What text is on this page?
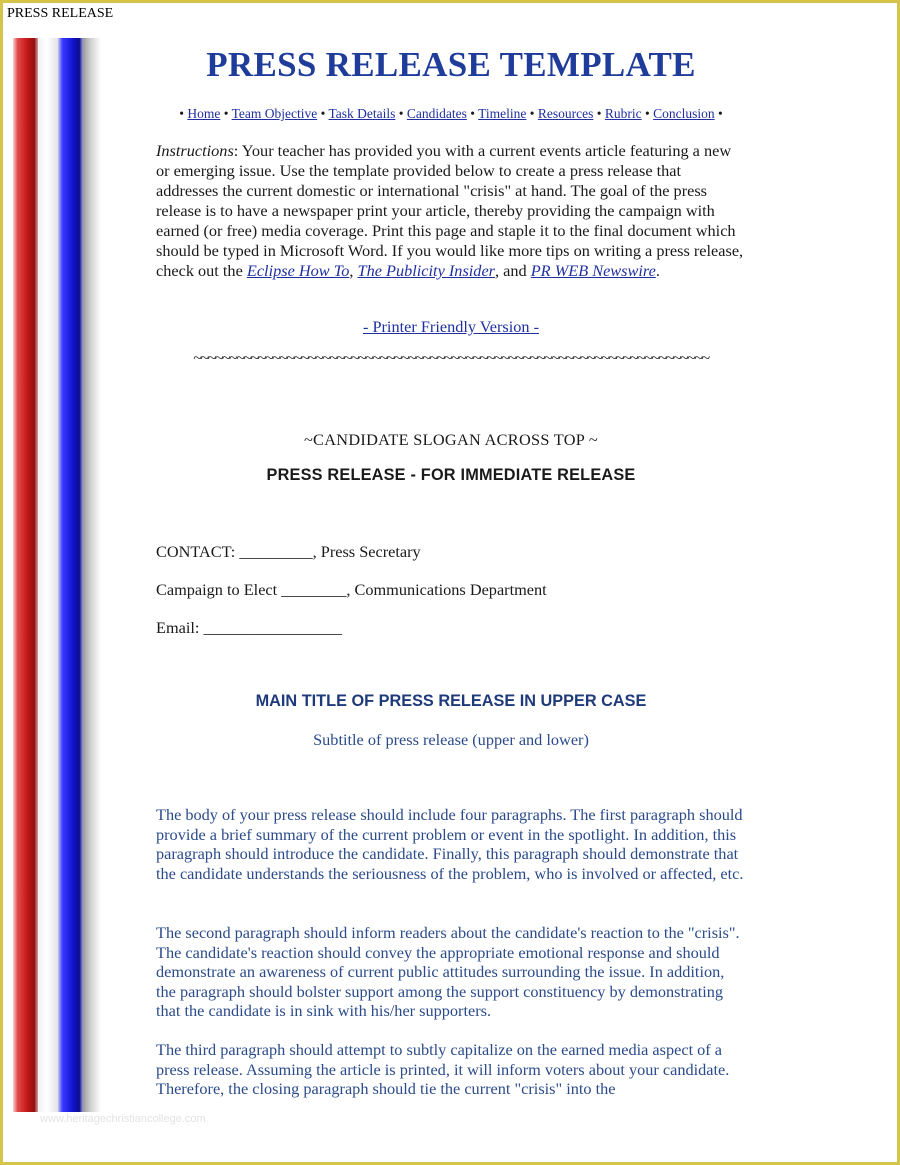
PRESS RELEASE
www.heritagechristiancollege.com
PRESS RELEASE TEMPLATE
• Home • Team Objective • Task Details • Candidates • Timeline • Resources • Rubric • Conclusion •
Instructions: Your teacher has provided you with a current events article featuring a new or emerging issue. Use the template provided below to create a press release that addresses the current domestic or international "crisis" at hand. The goal of the press release is to have a newspaper print your article, thereby providing the campaign with earned (or free) media coverage. Print this page and staple it to the final document which should be typed in Microsoft Word. If you would like more tips on writing a press release, check out the Eclipse How To, The Publicity Insider, and PR WEB Newswire.
- Printer Friendly Version -
~~~~~~~~~~~~~~~~~~~~~~~~~~~~~~~~~~~~~~~~~~~~~~~~~~~~~~~~~~~~~~~~~~~~~~~~
~CANDIDATE SLOGAN ACROSS TOP ~
PRESS RELEASE - FOR IMMEDIATE RELEASE
CONTACT: _________, Press Secretary
Campaign to Elect ________, Communications Department
Email: _________________
MAIN TITLE OF PRESS RELEASE IN UPPER CASE
Subtitle of press release (upper and lower)

The body of your press release should include four paragraphs. The first paragraph should provide a brief summary of the current problem or event in the spotlight. In addition, this paragraph should introduce the candidate. Finally, this paragraph should demonstrate that the candidate understands the seriousness of the problem, who is involved or affected, etc.

The second paragraph should inform readers about the candidate's reaction to the "crisis". The candidate's reaction should convey the appropriate emotional response and should demonstrate an awareness of current public attitudes surrounding the issue. In addition, the paragraph should bolster support among the support constituency by demonstrating that the candidate is in sink with his/her supporters.

The third paragraph should attempt to subtly capitalize on the earned media aspect of a press release. Assuming the article is printed, it will inform voters about your candidate. Therefore, the closing paragraph should tie the current "crisis" into the
